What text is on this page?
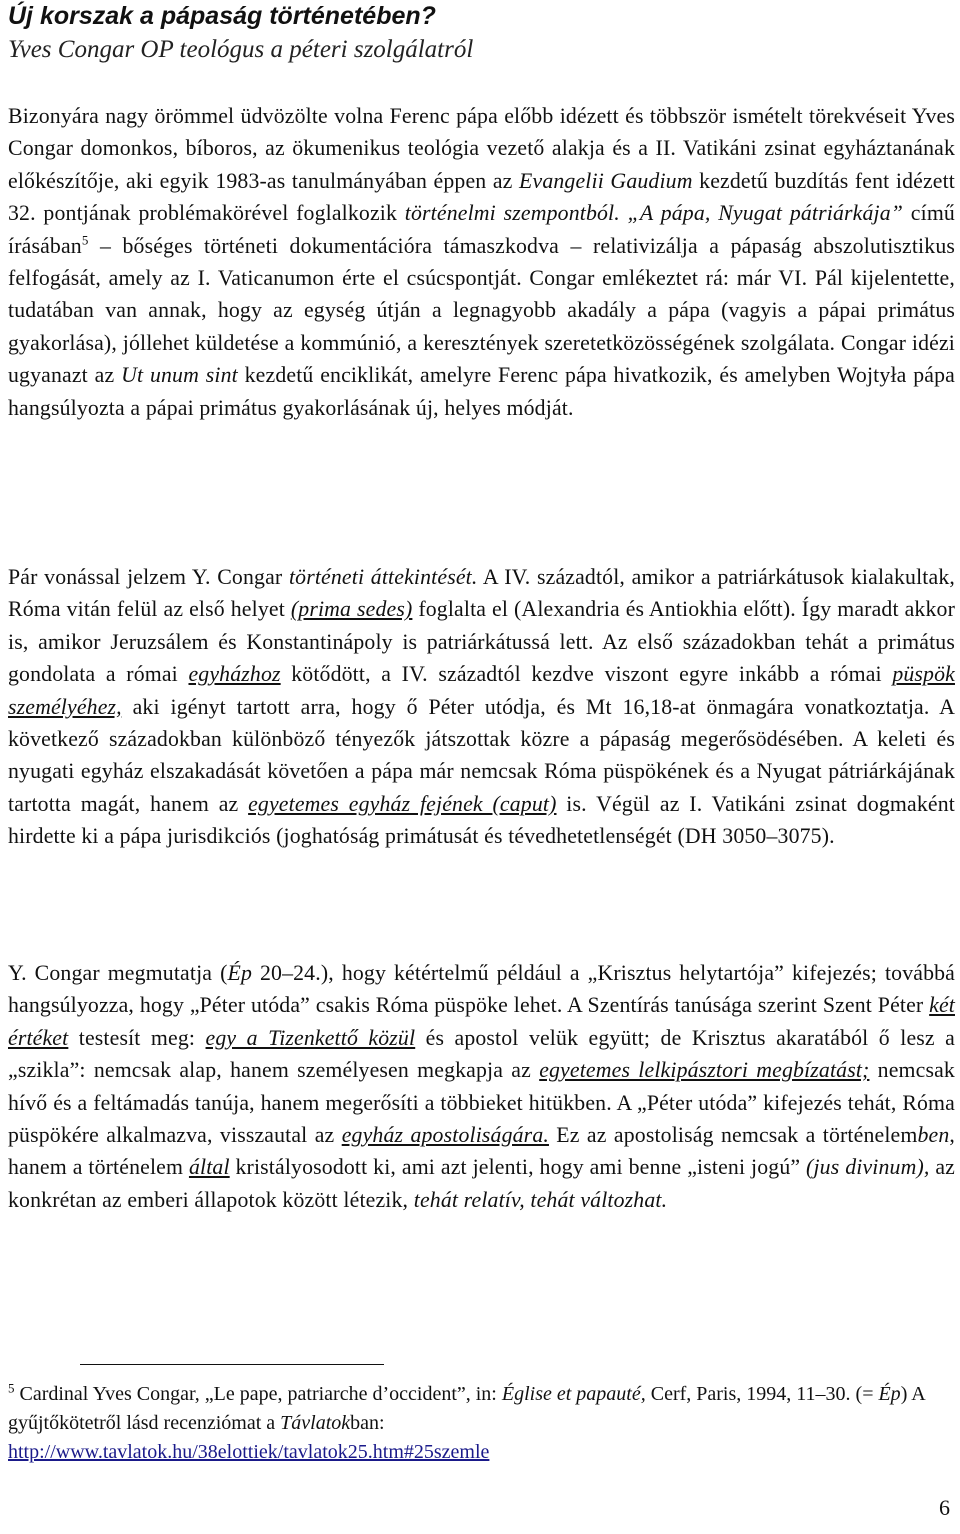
Új korszak a pápaság történetében?
Yves Congar OP teológus a péteri szolgálatról

Bizonyára nagy örömmel üdvözölte volna Ferenc pápa előbb idézett és többször ismételt törekvéseit Yves Congar domonkos, bíboros, az ökumenikus teológia vezető alakja és a II. Vatikáni zsinat egyháztanának előkészítője, aki egyik 1983-as tanulmányában éppen az Evangelii Gaudium kezdetű buzdítás fent idézett 32. pontjának problémakörével foglalkozik történelmi szempontból. „A pápa, Nyugat pátriárkája” című írásában$^5$ – bőséges történeti dokumentációra támaszkodva – relativizálja a pápaság abszolutisztikus felfogását, amely az I. Vaticanumon érte el csúcspontját. Congar emlékeztet rá: már VI. Pál kijelentette, tudatában van annak, hogy az egység útján a legnagyobb akadály a pápa (vagyis a pápai primátus gyakorlása), jóllehet küldetése a kommúnió, a keresztények szeretetközösségének szolgálata. Congar idézi ugyanazt az Ut unum sint kezdetű enciklikát, amelyre Ferenc pápa hivatkozik, és amelyben Wojtyła pápa hangsúlyozta a pápai primátus gyakorlásának új, helyes módját.

Pár vonással jelzem Y. Congar történeti áttekintését. A IV. századtól, amikor a patriárkátusok kialakultak, Róma vitán felül az első helyet (prima sedes) foglalta el (Alexandria és Antiokhia előtt). Így maradt akkor is, amikor Jeruzsálem és Konstantinápoly is patriárkátussá lett. Az első századokban tehát a primátus gondolata a római egyházhoz kötődött, a IV. századtól kezdve viszont egyre inkább a római püspök személyéhez, aki igényt tartott arra, hogy ő Péter utódja, és Mt 16,18-at önmagára vonatkoztatja. A következő századokban különböző tényezők játszottak közre a pápaság megerősödésében. A keleti és nyugati egyház elszakadását követően a pápa már nemcsak Róma püspökének és a Nyugat pátriárkájának tartotta magát, hanem az egyetemes egyház fejének (caput) is. Végül az I. Vatikáni zsinat dogmaként hirdette ki a pápa jurisdikciós (joghatóság primátusát és tévedhetetlenségét (DH 3050–3075).

Y. Congar megmutatja (Ép 20–24.), hogy kétértelmű például a „Krisztus helytartója” kifejezés; továbbá hangsúlyozza, hogy „Péter utóda” csakis Róma püspöke lehet. A Szentírás tanúsága szerint Szent Péter két értéket testesít meg: egy a Tizenkettő közül és apostol velük együtt; de Krisztus akaratából ő lesz a „szikla”: nemcsak alap, hanem személyesen megkapja az egyetemes lelkipásztori megbízatást; nemcsak hívő és a feltámadás tanúja, hanem megerősíti a többieket hitükben. A „Péter utóda” kifejezés tehát, Róma püspökére alkalmazva, visszautal az egyház apostoliságára. Ez az apostoliság nemcsak a történelemben, hanem a történelem által kristályosodott ki, ami azt jelenti, hogy ami benne „isteni jogú” (jus divinum), az konkrétan az emberi állapotok között létezik, tehát relatív, tehát változhat.

$^5$ Cardinal Yves Congar, „Le pape, patriarche d’occident”, in: Église et papauté, Cerf, Paris, 1994, 11–30. (= Ép) A gyűjtőkötetről lásd recenziómat a Távlatokban:
http://www.tavlatok.hu/38elottiek/tavlatok25.htm#25szemle

6
